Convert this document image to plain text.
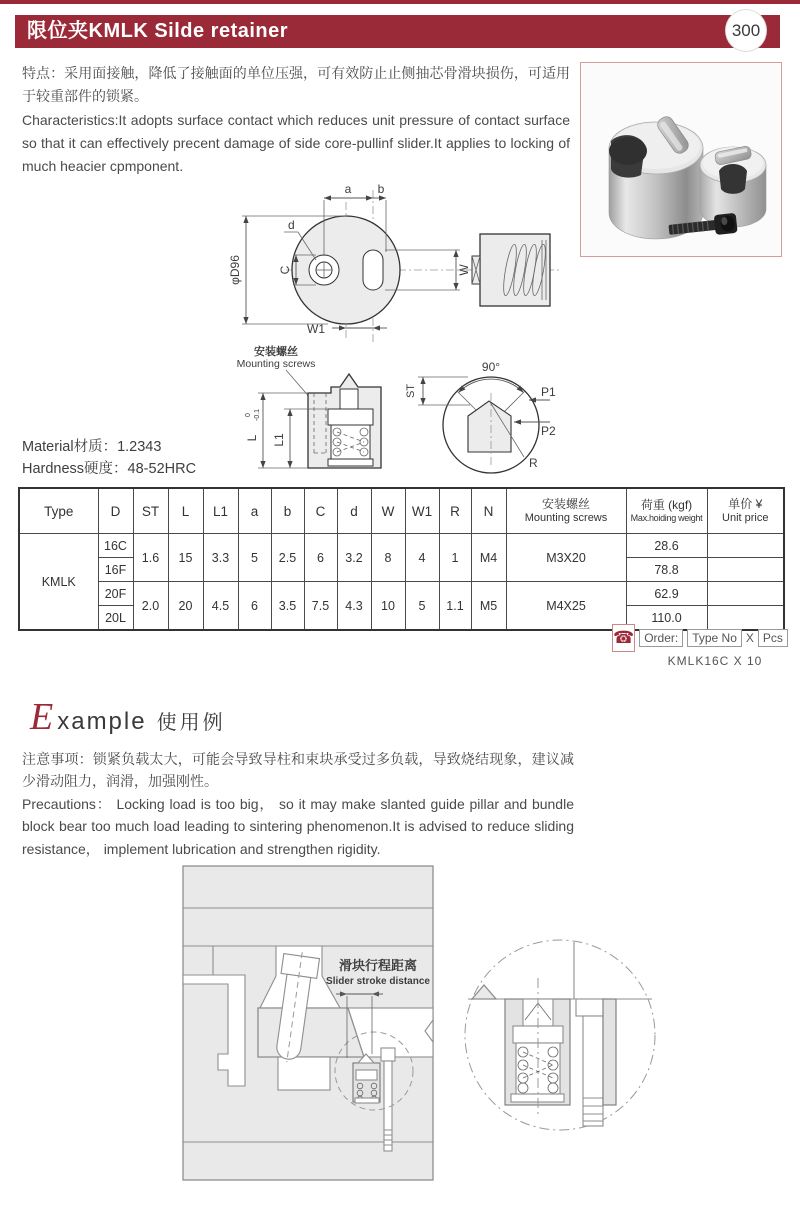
限位夹KMLK Silde retainer	300

特点：采用面接触，降低了接触面的单位压强，可有效防止止侧抽芯骨滑块损伤，可适用于较重部件的锁紧。

Characteristics:It adopts surface contact which reduces unit pressure of contact surface so that it can effectively precent damage of side core-pullinf slider.It applies to locking of much heacier cpmponent.

φD96
a b
d
C	W
W1
安装螺丝
Mounting screws
L
0 -0.1
L1
90°
R
ST	P1
P2
Material材质：1.2343
Hardness硬度：48-52HRC
Type	D	ST	L	L1	a	b	C	d	W	W1	R	N	安装螺丝
Mounting screws

荷重 (kgf)
Max.hoiding weight

单价 ¥
Unit price

KMLK	16C	1.6	15	3.3	5	2.5	6	3.2	8	4	1	M4	M3X20	28.6	
	16F													78.8	
	20F	2.0	20	4.5	6	3.5	7.5	4.3	10	5	1.1	M5	M4X25	62.9	
	20L													110.0	
☎ Order:	Type No X Pcs
KMLK16C X 10
Example 使用例

注意事项：锁紧负载太大，可能会导致导柱和束块承受过多负载，导致烧结现象，建议减少滑动阻力，润滑，加强刚性。

Precautions： Locking load is too big， so it may make slanted guide pillar and bundle block bear too much load leading to sintering phenomenon.It is advised to reduce sliding resistance， implement lubrication and strengthen rigidity.

滑块行程距离
Slider stroke distance
